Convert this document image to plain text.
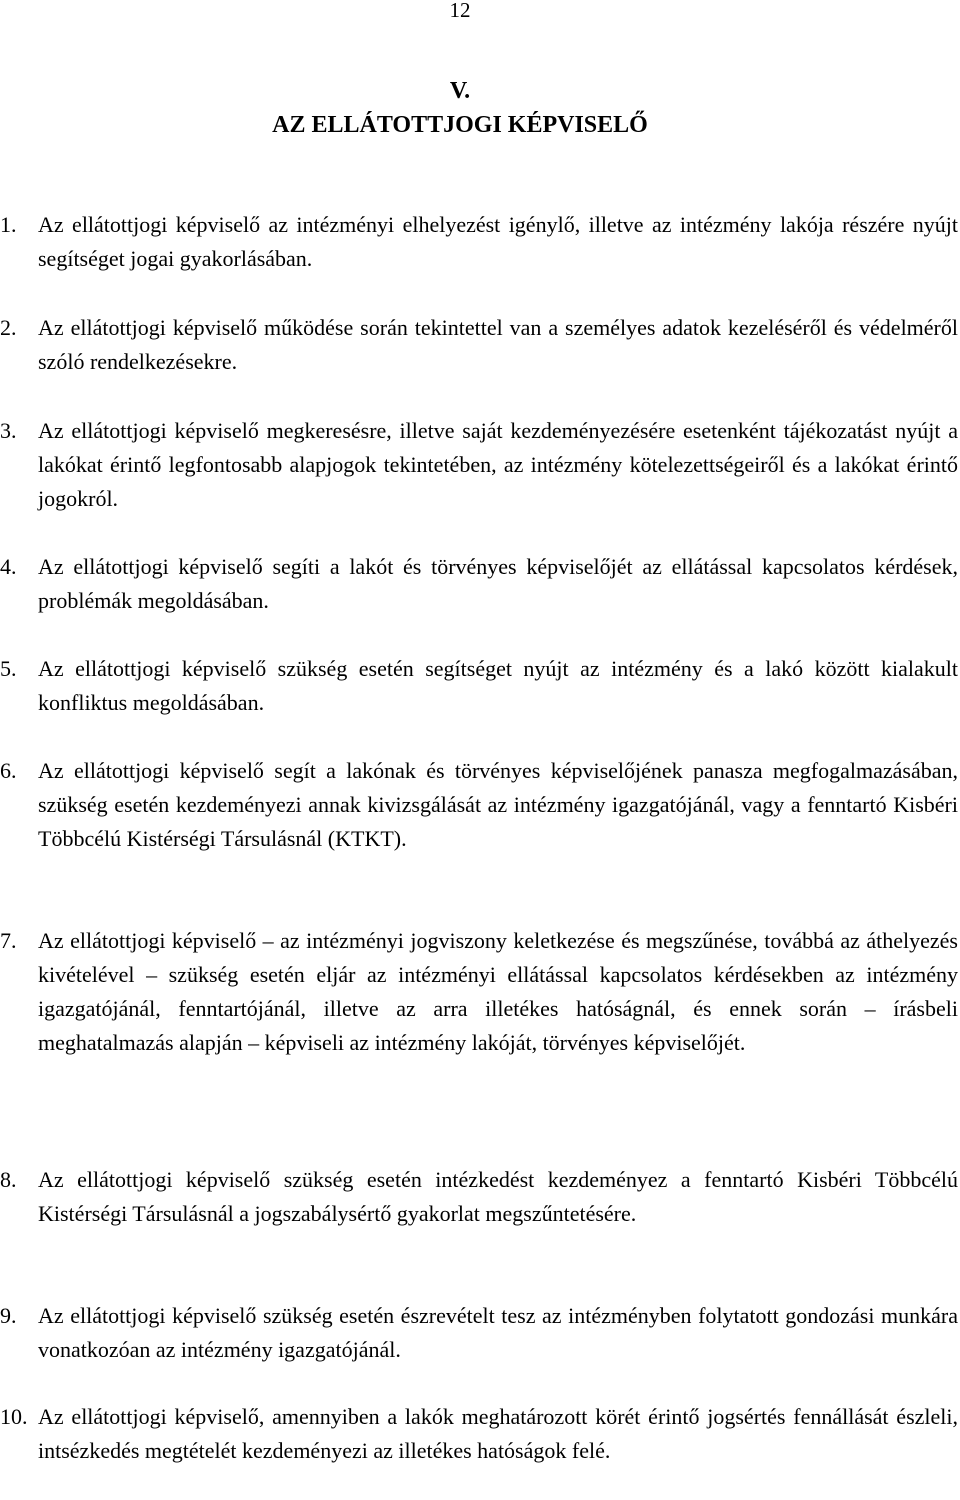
12
V.
AZ ELLÁTOTTJOGI KÉPVISELŐ
1. Az ellátottjogi képviselő az intézményi elhelyezést igénylő, illetve az intézmény lakója részére nyújt segítséget jogai gyakorlásában.
2. Az ellátottjogi képviselő működése során tekintettel van a személyes adatok kezeléséről és védelméről szóló rendelkezésekre.
3. Az ellátottjogi képviselő megkeresésre, illetve saját kezdeményezésére esetenként tájékozatást nyújt a lakókat érintő legfontosabb alapjogok tekintetében, az intézmény kötelezettségeiről és a lakókat érintő jogokról.
4. Az ellátottjogi képviselő segíti a lakót és törvényes képviselőjét az ellátással kapcsolatos kérdések, problémák megoldásában.
5. Az ellátottjogi képviselő szükség esetén segítséget nyújt az intézmény és a lakó között kialakult konfliktus megoldásában.
6. Az ellátottjogi képviselő segít a lakónak és törvényes képviselőjének panasza megfogalmazásában, szükség esetén kezdeményezi annak kivizsgálását az intézmény igazgatójánál, vagy a fenntartó Kisbéri Többcélú Kistérségi Társulásnál (KTKT).
7. Az ellátottjogi képviselő – az intézményi jogviszony keletkezése és megszűnése, továbbá az áthelyezés kivételével – szükség esetén eljár az intézményi ellátással kapcsolatos kérdésekben az intézmény igazgatójánál, fenntartójánál, illetve az arra illetékes hatóságnál, és ennek során – írásbeli meghatalmazás alapján – képviseli az intézmény lakóját, törvényes képviselőjét.
8. Az ellátottjogi képviselő szükség esetén intézkedést kezdeményez a fenntartó Kisbéri Többcélú Kistérségi Társulásnál a jogszabálysértő gyakorlat megszűntetésére.
9. Az ellátottjogi képviselő szükség esetén észrevételt tesz az intézményben folytatott gondozási munkára vonatkozóan az intézmény igazgatójánál.
10. Az ellátottjogi képviselő, amennyiben a lakók meghatározott körét érintő jogsértés fennállását észleli, intsézkedés megtételét kezdeményezi az illetékes hatóságok felé.
